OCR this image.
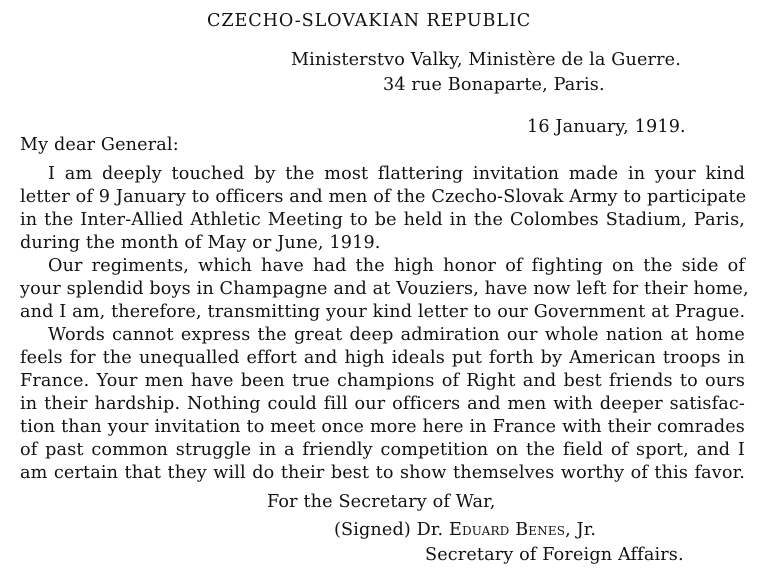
CZECHO-SLOVAKIAN REPUBLIC
Ministerstvo Valky, Ministère de la Guerre.
34 rue Bonaparte, Paris.
16 January, 1919.
My dear General:
I am deeply touched by the most flattering invitation made in your kind
letter of 9 January to officers and men of the Czecho-Slovak Army to participate
in the Inter-Allied Athletic Meeting to be held in the Colombes Stadium, Paris,
during the month of May or June, 1919.
Our regiments, which have had the high honor of fighting on the side of
your splendid boys in Champagne and at Vouziers, have now left for their home,
and I am, therefore, transmitting your kind letter to our Government at Prague.
Words cannot express the great deep admiration our whole nation at home
feels for the unequalled effort and high ideals put forth by American troops in
France. Your men have been true champions of Right and best friends to ours
in their hardship. Nothing could fill our officers and men with deeper satisfac-
tion than your invitation to meet once more here in France with their comrades
of past common struggle in a friendly competition on the field of sport, and I
am certain that they will do their best to show themselves worthy of this favor.
For the Secretary of War,
(Signed) Dr. Eduard Benes, Jr.
Secretary of Foreign Affairs.
